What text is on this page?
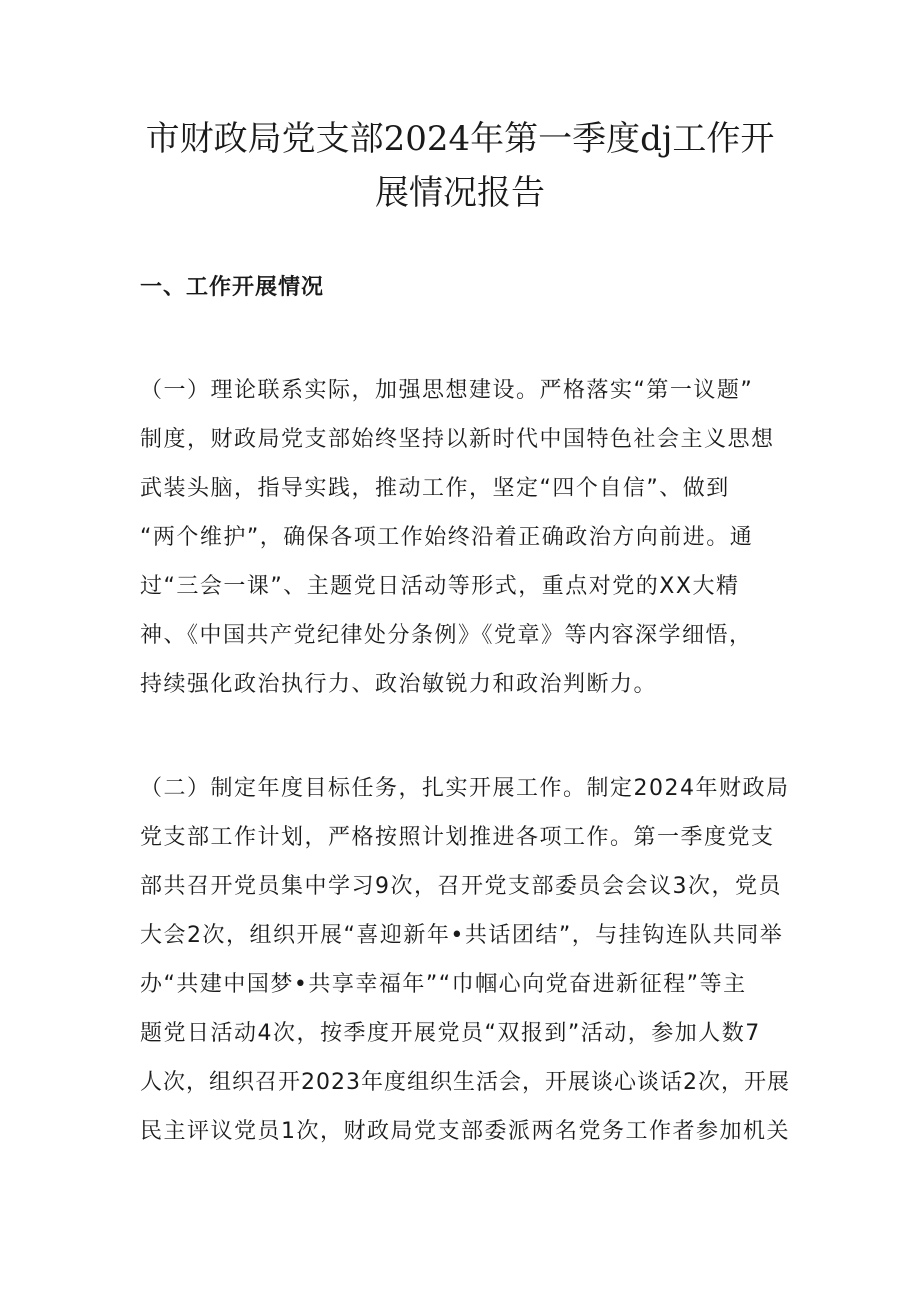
市财政局党支部2024年第一季度dj工作开
展情况报告
一、工作开展情况
（一）理论联系实际，加强思想建设。严格落实“第一议题”
制度，财政局党支部始终坚持以新时代中国特色社会主义思想
武装头脑，指导实践，推动工作，坚定“四个自信”、做到
“两个维护”，确保各项工作始终沿着正确政治方向前进。通
过“三会一课”、主题党日活动等形式，重点对党的XX大精
神、《中国共产党纪律处分条例》《党章》等内容深学细悟，
持续强化政治执行力、政治敏锐力和政治判断力。
（二）制定年度目标任务，扎实开展工作。制定2024年财政局
党支部工作计划，严格按照计划推进各项工作。第一季度党支
部共召开党员集中学习9次，召开党支部委员会会议3次，党员
大会2次，组织开展“喜迎新年•共话团结”，与挂钩连队共同举
办“共建中国梦•共享幸福年”“巾帼心向党奋进新征程”等主
题党日活动4次，按季度开展党员“双报到”活动，参加人数7
人次，组织召开2023年度组织生活会，开展谈心谈话2次，开展
民主评议党员1次，财政局党支部委派两名党务工作者参加机关
